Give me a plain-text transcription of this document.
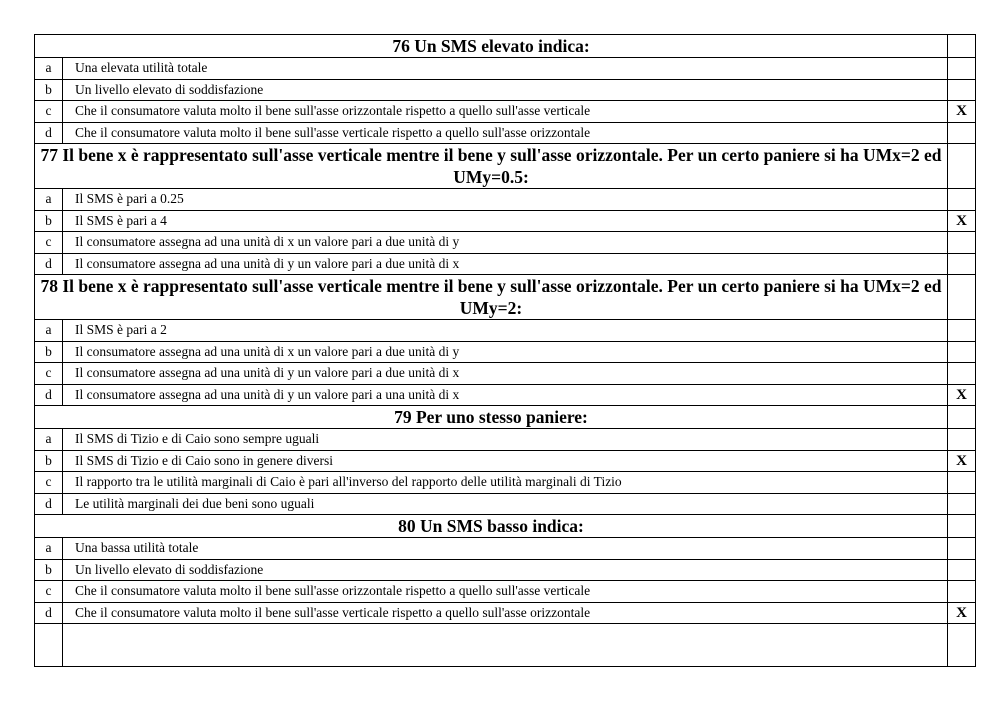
76 Un SMS elevato indica:		
a	Una elevata utilità totale	
b	Un livello elevato di soddisfazione	
c	Che il consumatore valuta molto il bene sull'asse orizzontale rispetto a quello sull'asse verticale	X
d	Che il consumatore valuta molto il bene sull'asse verticale rispetto a quello sull'asse orizzontale	
77 Il bene x è rappresentato sull'asse verticale mentre il bene y sull'asse orizzontale. Per un certo paniere si ha UMx=2 ed UMy=0.5:		
a	Il SMS è pari a 0.25	
b	Il SMS è pari a 4	X
c	Il consumatore assegna ad una unità di x un valore pari a due unità di y	
d	Il consumatore assegna ad una unità di y un valore pari a due unità di x	
78 Il bene x è rappresentato sull'asse verticale mentre il bene y sull'asse orizzontale. Per un certo paniere si ha UMx=2 ed UMy=2:		
a	Il SMS è pari a 2	
b	Il consumatore assegna ad una unità di x un valore pari a due unità di y	
c	Il consumatore assegna ad una unità di y un valore pari a due unità di x	
d	Il consumatore assegna ad una unità di y un valore pari a una unità di x	X
79 Per uno stesso paniere:		
a	Il SMS di Tizio e di Caio sono sempre uguali	
b	Il SMS di Tizio e di Caio sono in genere diversi	X
c	Il rapporto tra le utilità marginali di Caio è pari all'inverso del rapporto delle utilità marginali di Tizio	
d	Le utilità marginali dei due beni sono uguali	
80 Un SMS basso indica:		
a	Una bassa utilità totale	
b	Un livello elevato di soddisfazione	
c	Che il consumatore valuta molto il bene sull'asse orizzontale rispetto a quello sull'asse verticale	
d	Che il consumatore valuta molto il bene sull'asse verticale rispetto a quello sull'asse orizzontale	X
